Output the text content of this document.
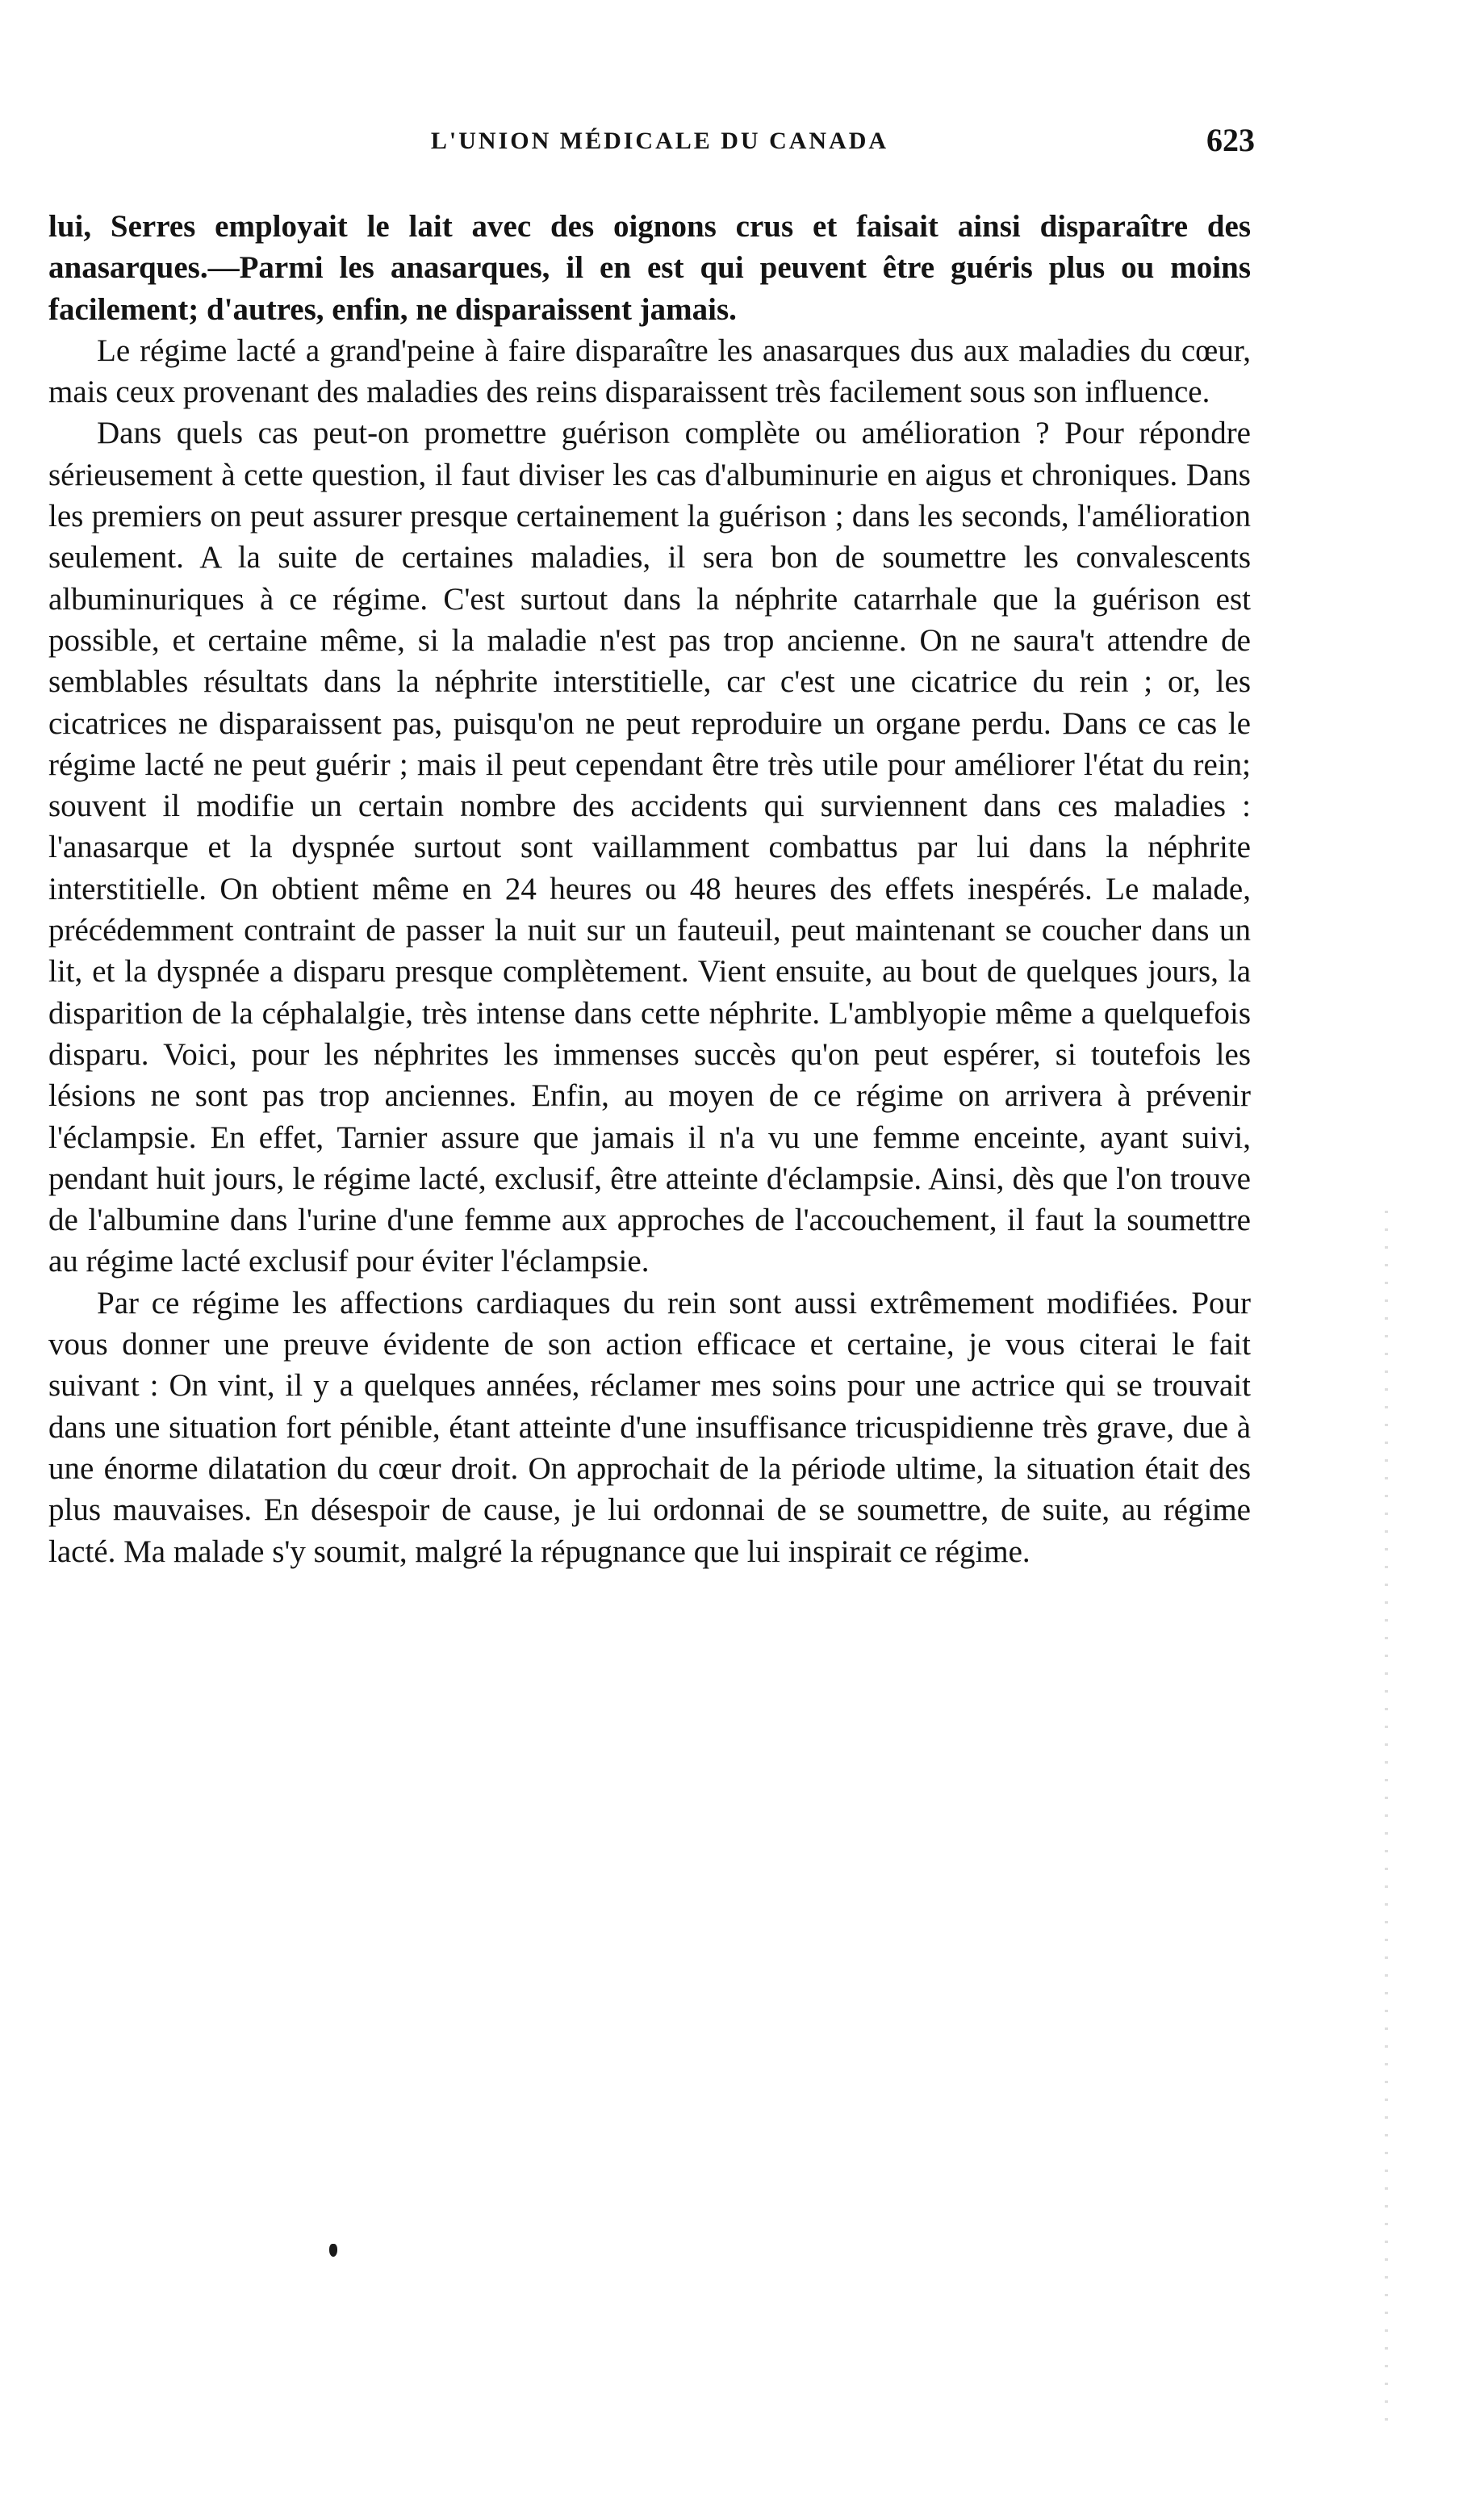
L'UNION MÉDICALE DU CANADA	623

lui, Serres employait le lait avec des oignons crus et faisait ainsi disparaître des anasarques.—Parmi les anasarques, il en est qui peuvent être guéris plus ou moins facilement; d'autres, enfin, ne disparaissent jamais.

Le régime lacté a grand'peine à faire disparaître les anasarques dus aux maladies du cœur, mais ceux provenant des maladies des reins disparaissent très facilement sous son influence.

Dans quels cas peut-on promettre guérison complète ou amélioration ? Pour répondre sérieusement à cette question, il faut diviser les cas d'albuminurie en aigus et chroniques. Dans les premiers on peut assurer presque certainement la guérison ; dans les seconds, l'amélioration seulement. A la suite de certaines maladies, il sera bon de soumettre les convalescents albuminuriques à ce régime. C'est surtout dans la néphrite catarrhale que la guérison est possible, et certaine même, si la maladie n'est pas trop ancienne. On ne saura't attendre de semblables résultats dans la néphrite interstitielle, car c'est une cicatrice du rein ; or, les cicatrices ne disparaissent pas, puisqu'on ne peut reproduire un organe perdu. Dans ce cas le régime lacté ne peut guérir ; mais il peut cependant être très utile pour améliorer l'état du rein; souvent il modifie un certain nombre des accidents qui surviennent dans ces maladies : l'anasarque et la dyspnée surtout sont vaillamment combattus par lui dans la néphrite interstitielle. On obtient même en 24 heures ou 48 heures des effets inespérés. Le malade, précédemment contraint de passer la nuit sur un fauteuil, peut maintenant se coucher dans un lit, et la dyspnée a disparu presque complètement. Vient ensuite, au bout de quelques jours, la disparition de la céphalalgie, très intense dans cette néphrite. L'amblyopie même a quelquefois disparu. Voici, pour les néphrites les immenses succès qu'on peut espérer, si toutefois les lésions ne sont pas trop anciennes. Enfin, au moyen de ce régime on arrivera à prévenir l'éclampsie. En effet, Tarnier assure que jamais il n'a vu une femme enceinte, ayant suivi, pendant huit jours, le régime lacté, exclusif, être atteinte d'éclampsie. Ainsi, dès que l'on trouve de l'albumine dans l'urine d'une femme aux approches de l'accouchement, il faut la soumettre au régime lacté exclusif pour éviter l'éclampsie.

Par ce régime les affections cardiaques du rein sont aussi extrêmement modifiées. Pour vous donner une preuve évidente de son action efficace et certaine, je vous citerai le fait suivant : On vint, il y a quelques années, réclamer mes soins pour une actrice qui se trouvait dans une situation fort pénible, étant atteinte d'une insuffisance tricuspidienne très grave, due à une énorme dilatation du cœur droit. On approchait de la période ultime, la situation était des plus mauvaises. En désespoir de cause, je lui ordonnai de se soumettre, de suite, au régime lacté. Ma malade s'y soumit, malgré la répugnance que lui inspirait ce régime.
